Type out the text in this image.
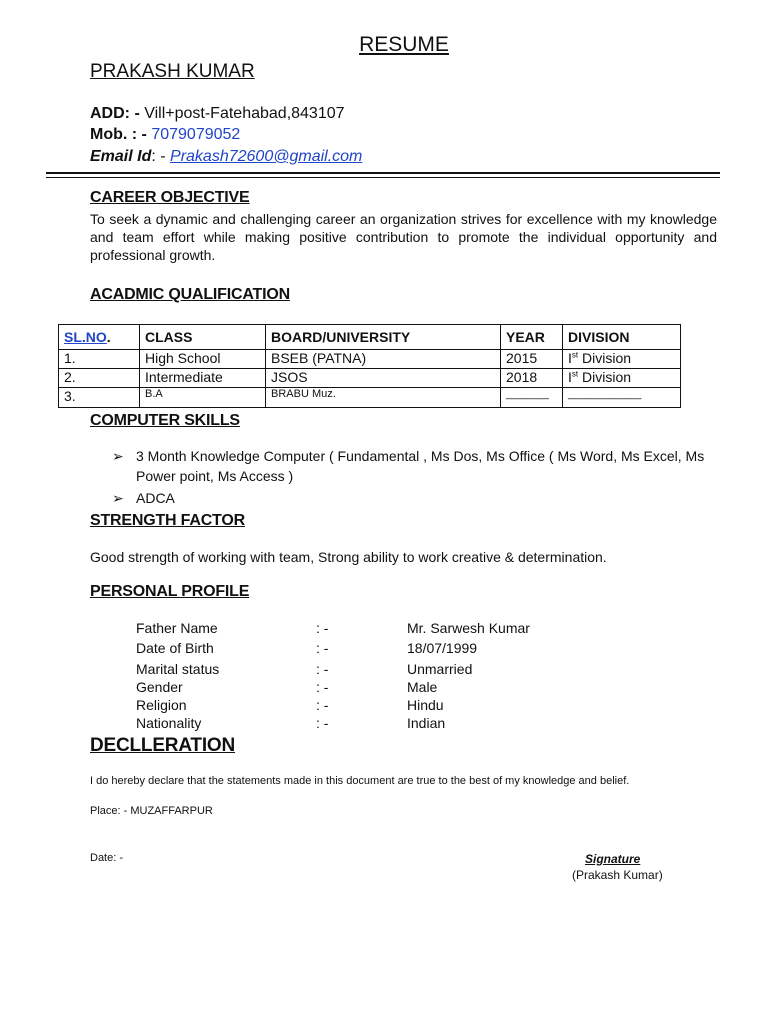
RESUME
PRAKASH KUMAR
ADD: - Vill+post-Fatehabad,843107
Mob. : - 7079079052
Email Id: - Prakash72600@gmail.com
CAREER OBJECTIVE
To seek a dynamic and challenging career an organization strives for excellence with my knowledge and team effort while making positive contribution to promote the individual opportunity and professional growth.
ACADMIC QUALIFICATION
SL.NO.	CLASS	BOARD/UNIVERSITY	YEAR	DIVISION
1.	High School	BSEB (PATNA)	2015	Ist Division
2.	Intermediate	JSOS	2018	Ist Division
3.	B.A	BRABU Muz.	_______	____________
COMPUTER SKILLS
➢ 3 Month Knowledge Computer ( Fundamental , Ms Dos, Ms Office ( Ms Word, Ms Excel, Ms Power point, Ms Access )
➢ ADCA
STRENGTH FACTOR
Good strength of working with team, Strong ability to work creative & determination.
PERSONAL PROFILE
Father Name	: -	Mr. Sarwesh Kumar
Date of Birth	: -	18/07/1999
Marital status	: -	Unmarried
Gender	: -	Male
Religion	: -	Hindu
Nationality	: -	Indian
DECLLERATION
I do hereby declare that the statements made in this document are true to the best of my knowledge and belief.
Place: - MUZAFFARPUR
Date: -	Signature
(Prakash Kumar)
